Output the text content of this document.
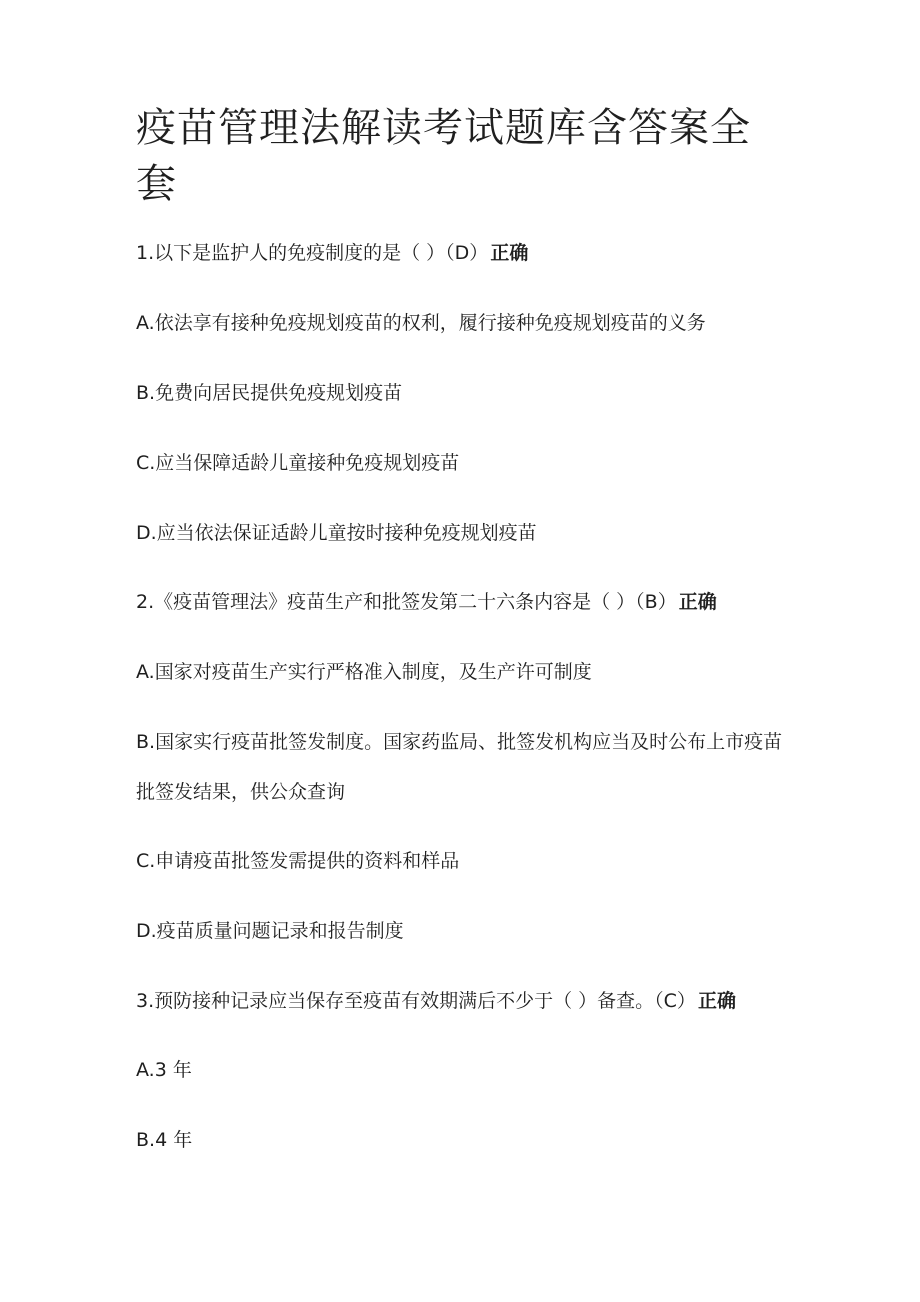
疫苗管理法解读考试题库含答案全套
1.以下是监护人的免疫制度的是（ ）（D） 正确
A.依法享有接种免疫规划疫苗的权利，履行接种免疫规划疫苗的义务
B.免费向居民提供免疫规划疫苗
C.应当保障适龄儿童接种免疫规划疫苗
D.应当依法保证适龄儿童按时接种免疫规划疫苗
2.《疫苗管理法》疫苗生产和批签发第二十六条内容是（ ）（B） 正确
A.国家对疫苗生产实行严格准入制度，及生产许可制度
B.国家实行疫苗批签发制度。国家药监局、批签发机构应当及时公布上市疫苗批签发结果，供公众查询
C.申请疫苗批签发需提供的资料和样品
D.疫苗质量问题记录和报告制度
3.预防接种记录应当保存至疫苗有效期满后不少于（ ）备查。（C） 正确
A.3 年
B.4 年
